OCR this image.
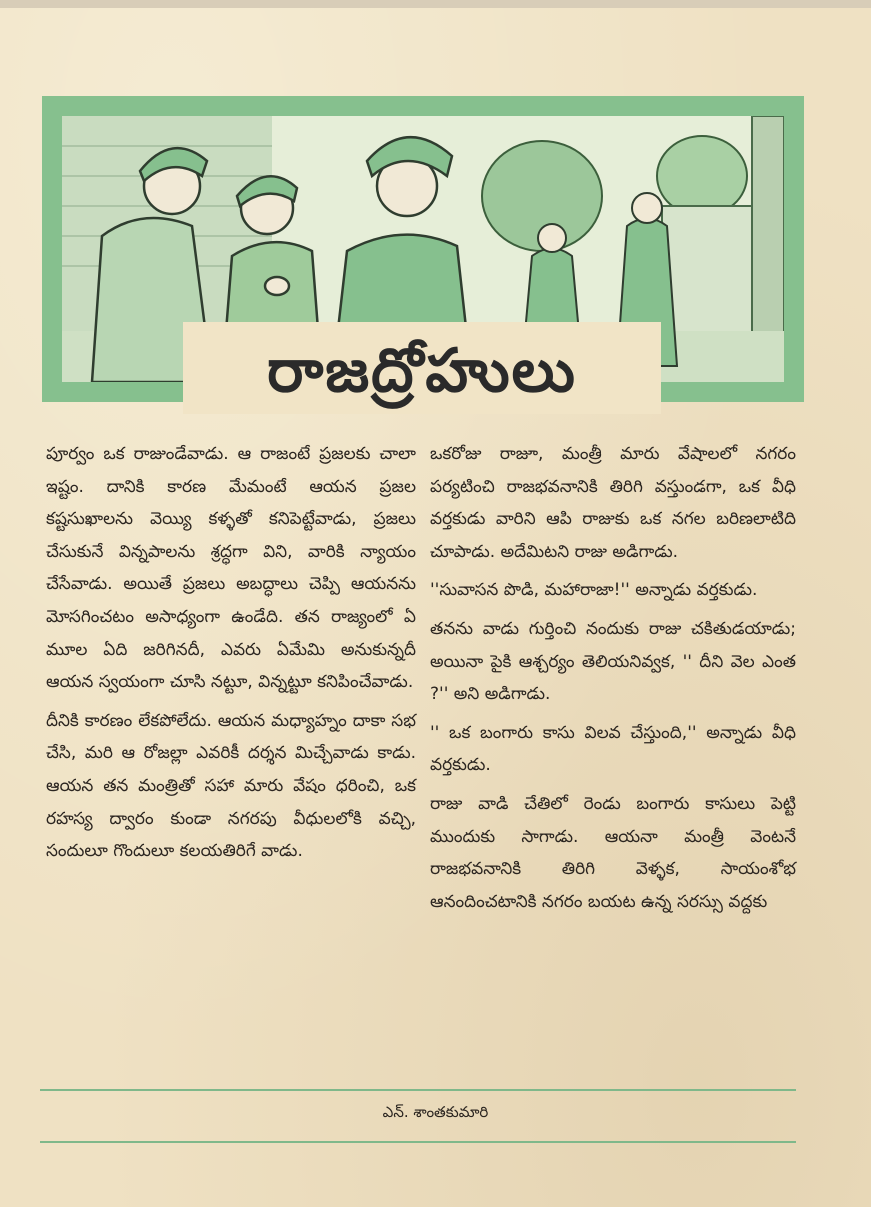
రాజద్రోహులు

పూర్వం ఒక రాజుండేవాడు. ఆ రాజంటే ప్రజలకు చాలా ఇష్టం. దానికి కారణ మేమంటే ఆయన ప్రజల కష్టసుఖాలను వెయ్యి కళ్ళతో కనిపెట్టేవాడు, ప్రజలు చేసుకునే విన్నపాలను శ్రద్ధగా విని, వారికి న్యాయం చేసేవాడు. అయితే ప్రజలు అబద్ధాలు చెప్పి ఆయనను మోసగించటం అసాధ్యంగా ఉండేది. తన రాజ్యంలో ఏ మూల ఏది జరిగినదీ, ఎవరు ఏమేమి అనుకున్నదీ ఆయన స్వయంగా చూసి నట్టూ, విన్నట్టూ కనిపించేవాడు.

దీనికి కారణం లేకపోలేదు. ఆయన మధ్యాహ్నం దాకా సభ చేసి, మరి ఆ రోజల్లా ఎవరికీ దర్శన మిచ్చేవాడు కాడు. ఆయన తన మంత్రితో సహా మారు వేషం ధరించి, ఒక రహస్య ద్వారం కుండా నగరపు వీధులలోకి వచ్చి, సందులూ గొందులూ కలయతిరిగే వాడు.

ఒకరోజు రాజూ, మంత్రీ మారు వేషాలలో నగరం పర్యటించి రాజభవనానికి తిరిగి వస్తుండగా, ఒక వీధి వర్తకుడు వారిని ఆపి రాజుకు ఒక నగల బరిణలాటిది చూపాడు. అదేమిటని రాజు అడిగాడు.

''సువాసన పొడి, మహారాజా!'' అన్నాడు వర్తకుడు.

తనను వాడు గుర్తించి నందుకు రాజు చకితుడయాడు; అయినా పైకి ఆశ్చర్యం తెలియనివ్వక, '' దీని వెల ఎంత ?'' అని అడిగాడు.

'' ఒక బంగారు కాసు విలవ చేస్తుంది,'' అన్నాడు వీధి వర్తకుడు.

రాజు వాడి చేతిలో రెండు బంగారు కాసులు పెట్టి ముందుకు సాగాడు. ఆయనా మంత్రీ వెంటనే రాజభవనానికి తిరిగి వెళ్ళక, సాయంశోభ ఆనందించటానికి నగరం బయట ఉన్న సరస్సు వద్దకు

ఎన్. శాంతకుమారి
